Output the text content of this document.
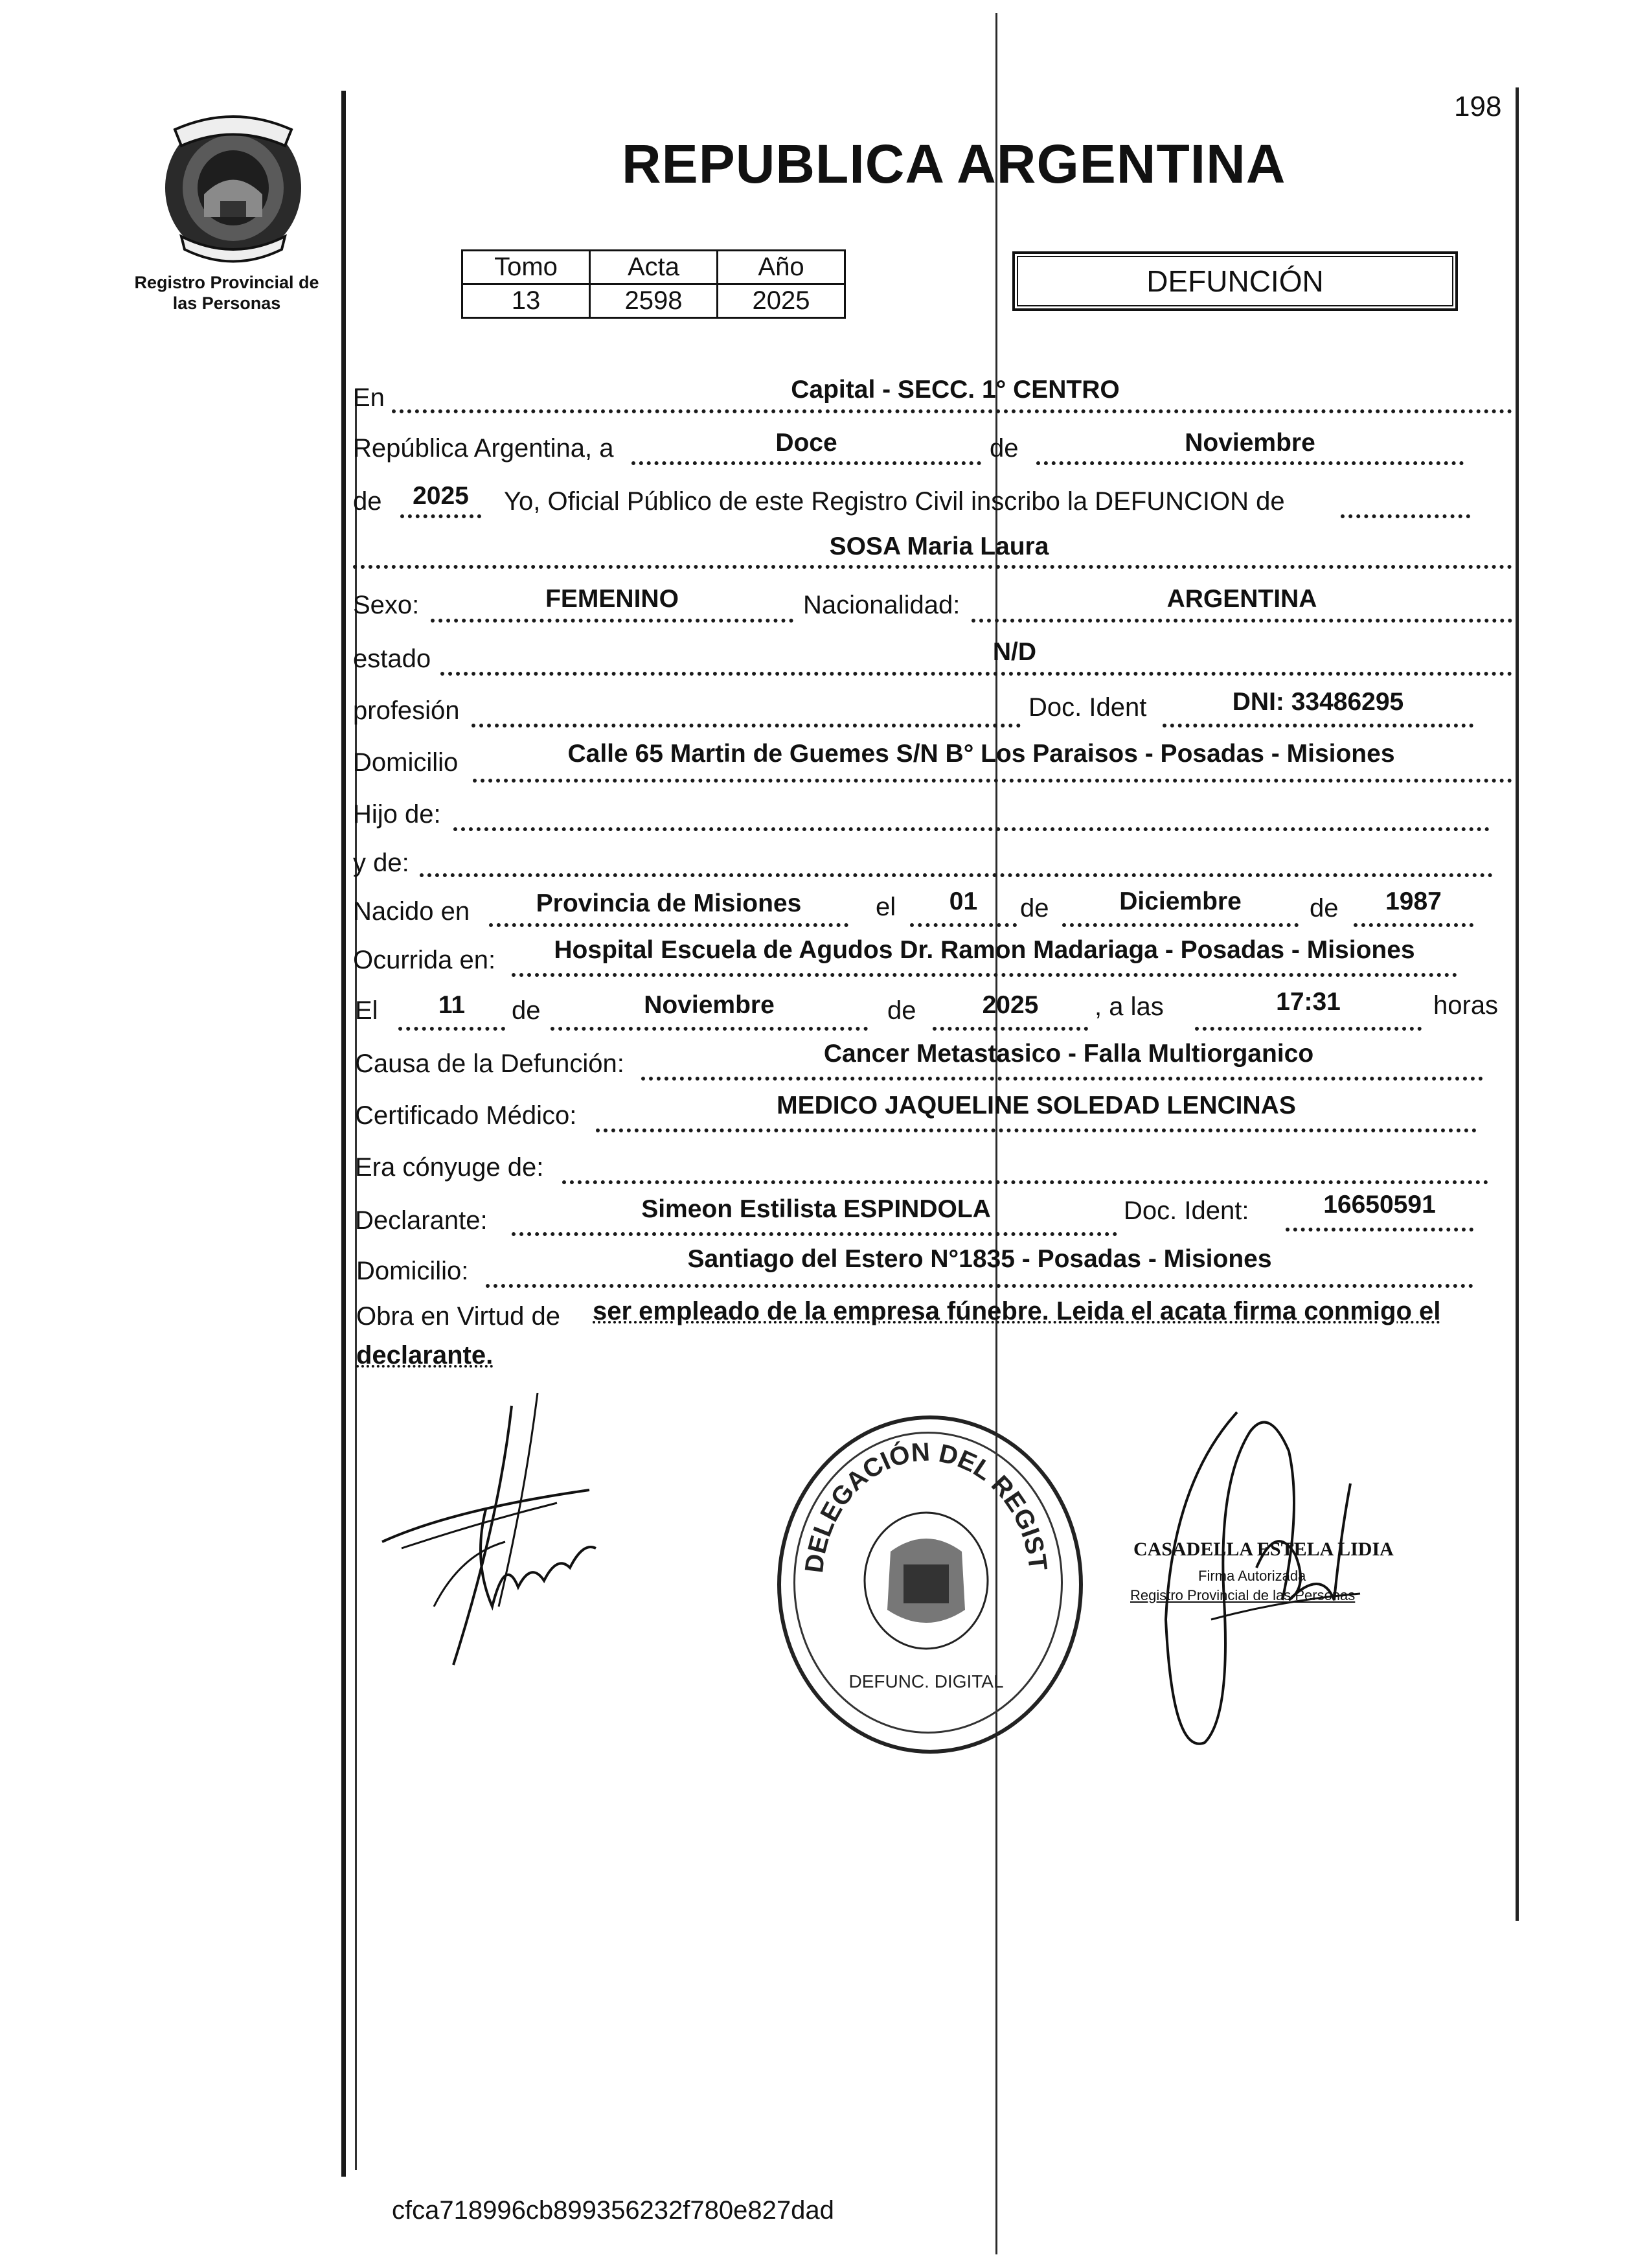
Registro Provincial de
las Personas
198
REPUBLICA ARGENTINA
Tomo	Acta	Año
13	2598	2025
DEFUNCIÓN
En	Capital - SECC. 1° CENTRO
República Argentina, a	Doce	de	Noviembre
de	2025	Yo, Oficial Público de este Registro Civil inscribo la DEFUNCION de
SOSA Maria Laura
Sexo:	FEMENINO	Nacionalidad:	ARGENTINA
estado	N/D
profesión	Doc. Ident	DNI: 33486295
Domicilio	Calle 65 Martin de Guemes S/N B° Los Paraisos - Posadas - Misiones
Hijo de:
y de:
Nacido en	Provincia de Misiones	el	01	de	Diciembre	de	1987
Ocurrida en:	Hospital Escuela de Agudos Dr. Ramon Madariaga - Posadas - Misiones
El	11	de	Noviembre	de	2025	, a las	17:31	horas
Causa de la Defunción:	Cancer Metastasico - Falla Multiorganico
Certificado Médico:	MEDICO JAQUELINE SOLEDAD LENCINAS
Era cónyuge de:
Declarante:	Simeon Estilista ESPINDOLA	Doc. Ident:	16650591
Domicilio:	Santiago del Estero N°1835 - Posadas - Misiones
Obra en Virtud de ser empleado de la empresa fúnebre. Leida el acata firma conmigo el
declarante.
DELEGACIÓN DEL REGIST
DEFUNC. DIGITAL
CASADELLA ESTELA LIDIA
Firma Autorizada
Registro Provincial de las Personas
cfca718996cb899356232f780e827dad
